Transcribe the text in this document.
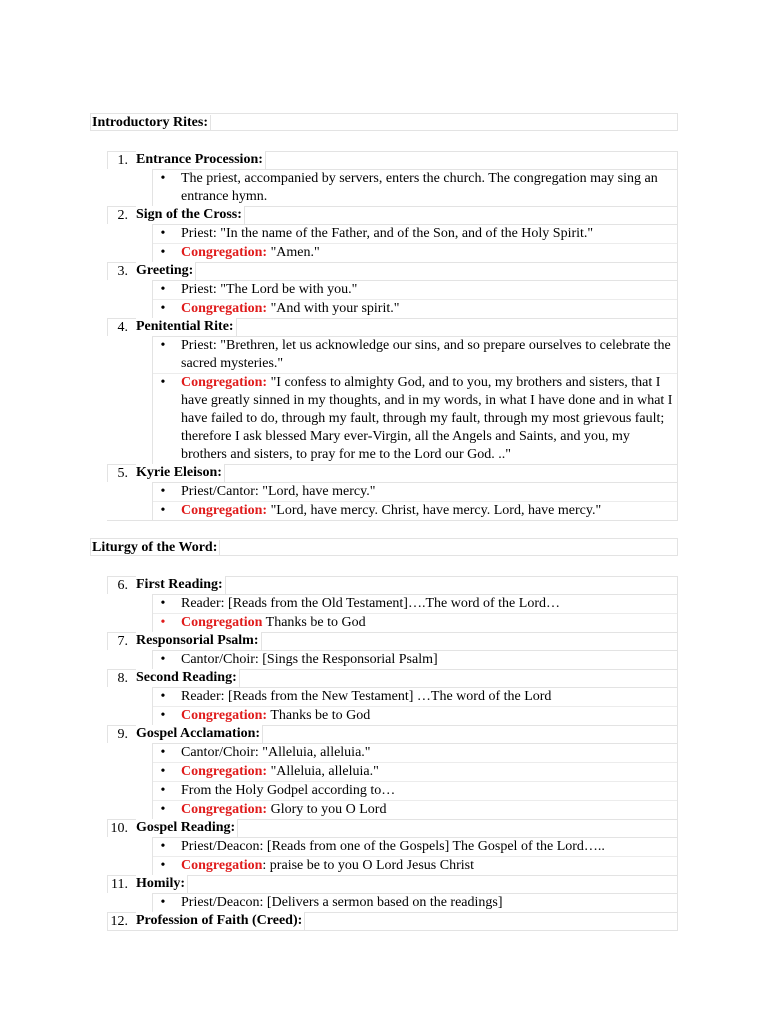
Introductory Rites:
1. Entrance Procession:
• The priest, accompanied by servers, enters the church. The congregation may sing an entrance hymn.
2. Sign of the Cross:
• Priest: "In the name of the Father, and of the Son, and of the Holy Spirit."
• Congregation: "Amen."
3. Greeting:
• Priest: "The Lord be with you."
• Congregation: "And with your spirit."
4. Penitential Rite:
• Priest: "Brethren, let us acknowledge our sins, and so prepare ourselves to celebrate the sacred mysteries."
• Congregation: "I confess to almighty God, and to you, my brothers and sisters, that I have greatly sinned in my thoughts, and in my words, in what I have done and in what I have failed to do, through my fault, through my fault, through my most grievous fault; therefore I ask blessed Mary ever-Virgin, all the Angels and Saints, and you, my brothers and sisters, to pray for me to the Lord our God. .."
5. Kyrie Eleison:
• Priest/Cantor: "Lord, have mercy."
• Congregation: "Lord, have mercy. Christ, have mercy. Lord, have mercy."
Liturgy of the Word:
6. First Reading:
• Reader: [Reads from the Old Testament]….The word of the Lord…
• Congregation Thanks be to God
7. Responsorial Psalm:
• Cantor/Choir: [Sings the Responsorial Psalm]
8. Second Reading:
• Reader: [Reads from the New Testament] …The word of the Lord
• Congregation: Thanks be to God
9. Gospel Acclamation:
• Cantor/Choir: "Alleluia, alleluia."
• Congregation: "Alleluia, alleluia."
• From the Holy Godpel according to…
• Congregation: Glory to you O Lord
10. Gospel Reading:
• Priest/Deacon: [Reads from one of the Gospels] The Gospel of the Lord…..
• Congregation: praise be to you O Lord Jesus Christ
11. Homily:
• Priest/Deacon: [Delivers a sermon based on the readings]
12. Profession of Faith (Creed):
